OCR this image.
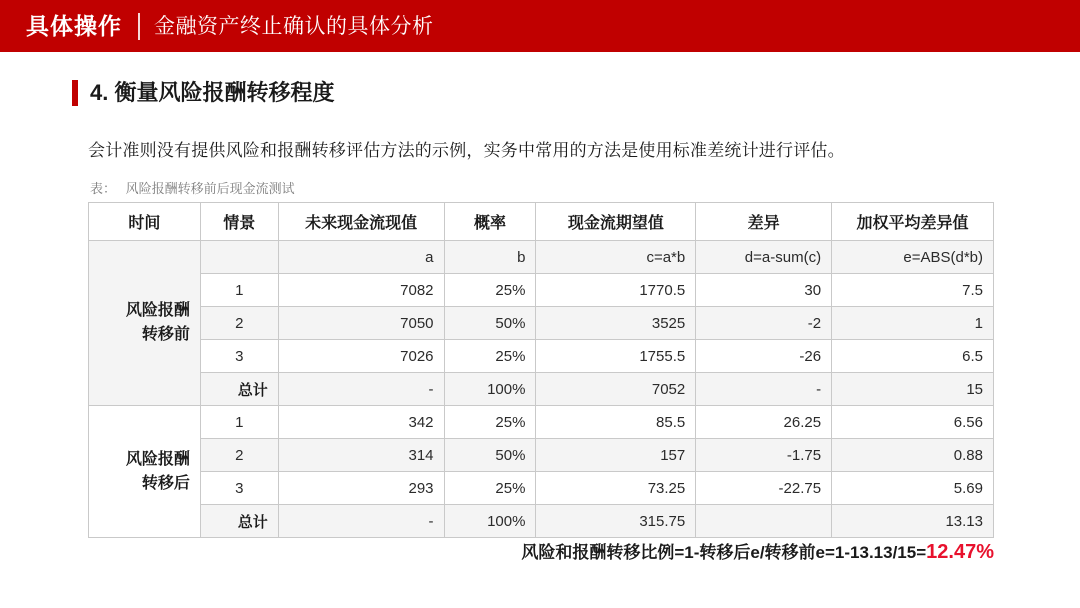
具体操作 金融资产终止确认的具体分析
4. 衡量风险报酬转移程度
会计准则没有提供风险和报酬转移评估方法的示例，实务中常用的方法是使用标准差统计进行评估。
表： 风险报酬转移前后现金流测试
时间	情景	未来现金流现值	概率	现金流期望值	差异	加权平均差异值
风险报酬
转移前		a	b	c=a*b	d=a-sum(c)	e=ABS(d*b)
	1	7082	25%	1770.5	30	7.5
	2	7050	50%	3525	-2	1
	3	7026	25%	1755.5	-26	6.5
	总计	-	100%	7052	-	15
风险报酬
转移后	1	342	25%	85.5	26.25	6.56
	2	314	50%	157	-1.75	0.88
	3	293	25%	73.25	-22.75	5.69
	总计	-	100%	315.75		13.13
风险和报酬转移比例=1-转移后e/转移前e=1-13.13/15=12.47%
